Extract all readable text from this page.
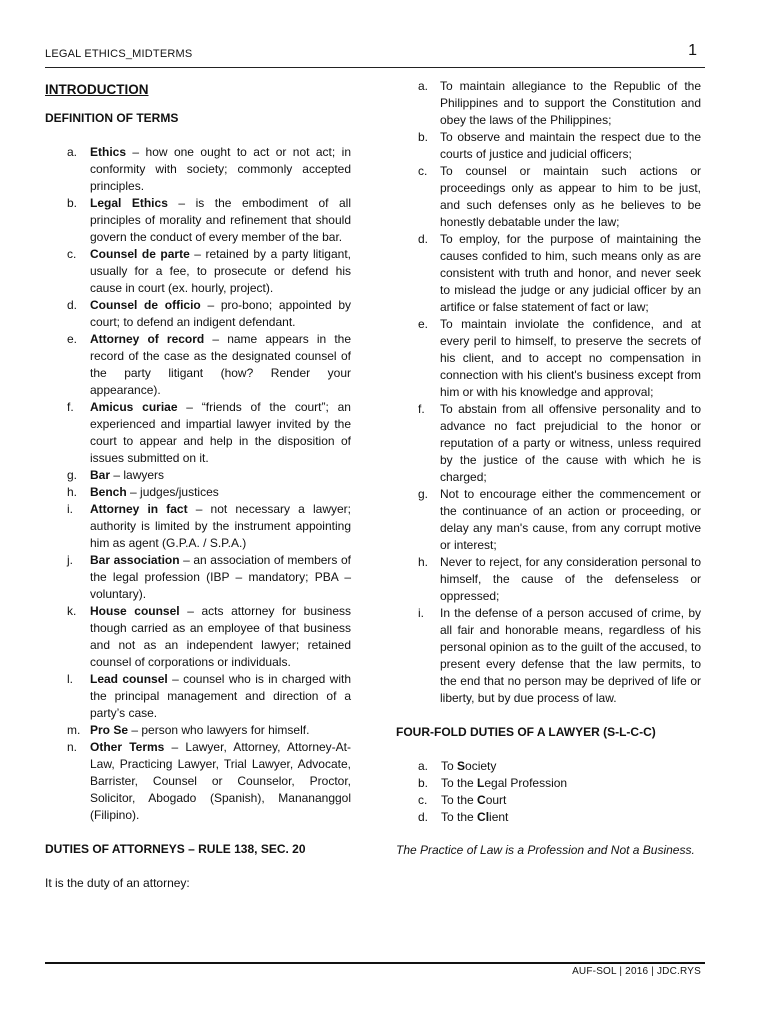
LEGAL ETHICS_MIDTERMS	1
INTRODUCTION
DEFINITION OF TERMS
a. Ethics – how one ought to act or not act; in conformity with society; commonly accepted principles.
b. Legal Ethics – is the embodiment of all principles of morality and refinement that should govern the conduct of every member of the bar.
c. Counsel de parte – retained by a party litigant, usually for a fee, to prosecute or defend his cause in court (ex. hourly, project).
d. Counsel de officio – pro-bono; appointed by court; to defend an indigent defendant.
e. Attorney of record – name appears in the record of the case as the designated counsel of the party litigant (how? Render your appearance).
f. Amicus curiae – “friends of the court”; an experienced and impartial lawyer invited by the court to appear and help in the disposition of issues submitted on it.
g. Bar – lawyers
h. Bench – judges/justices
i. Attorney in fact – not necessary a lawyer; authority is limited by the instrument appointing him as agent (G.P.A. / S.P.A.)
j. Bar association – an association of members of the legal profession (IBP – mandatory; PBA – voluntary).
k. House counsel – acts attorney for business though carried as an employee of that business and not as an independent lawyer; retained counsel of corporations or individuals.
l. Lead counsel – counsel who is in charged with the principal management and direction of a party’s case.
m. Pro Se – person who lawyers for himself.
n. Other Terms – Lawyer, Attorney, Attorney-At-Law, Practicing Lawyer, Trial Lawyer, Advocate, Barrister, Counsel or Counselor, Proctor, Solicitor, Abogado (Spanish), Manananggol (Filipino).
DUTIES OF ATTORNEYS – RULE 138, SEC. 20
It is the duty of an attorney:
a. To maintain allegiance to the Republic of the Philippines and to support the Constitution and obey the laws of the Philippines;
b. To observe and maintain the respect due to the courts of justice and judicial officers;
c. To counsel or maintain such actions or proceedings only as appear to him to be just, and such defenses only as he believes to be honestly debatable under the law;
d. To employ, for the purpose of maintaining the causes confided to him, such means only as are consistent with truth and honor, and never seek to mislead the judge or any judicial officer by an artifice or false statement of fact or law;
e. To maintain inviolate the confidence, and at every peril to himself, to preserve the secrets of his client, and to accept no compensation in connection with his client's business except from him or with his knowledge and approval;
f. To abstain from all offensive personality and to advance no fact prejudicial to the honor or reputation of a party or witness, unless required by the justice of the cause with which he is charged;
g. Not to encourage either the commencement or the continuance of an action or proceeding, or delay any man's cause, from any corrupt motive or interest;
h. Never to reject, for any consideration personal to himself, the cause of the defenseless or oppressed;
i. In the defense of a person accused of crime, by all fair and honorable means, regardless of his personal opinion as to the guilt of the accused, to present every defense that the law permits, to the end that no person may be deprived of life or liberty, but by due process of law.
FOUR-FOLD DUTIES OF A LAWYER (S-L-C-C)
a. To Society
b. To the Legal Profession
c. To the Court
d. To the Client
The Practice of Law is a Profession and Not a Business.
AUF-SOL | 2016 | JDC.RYS
